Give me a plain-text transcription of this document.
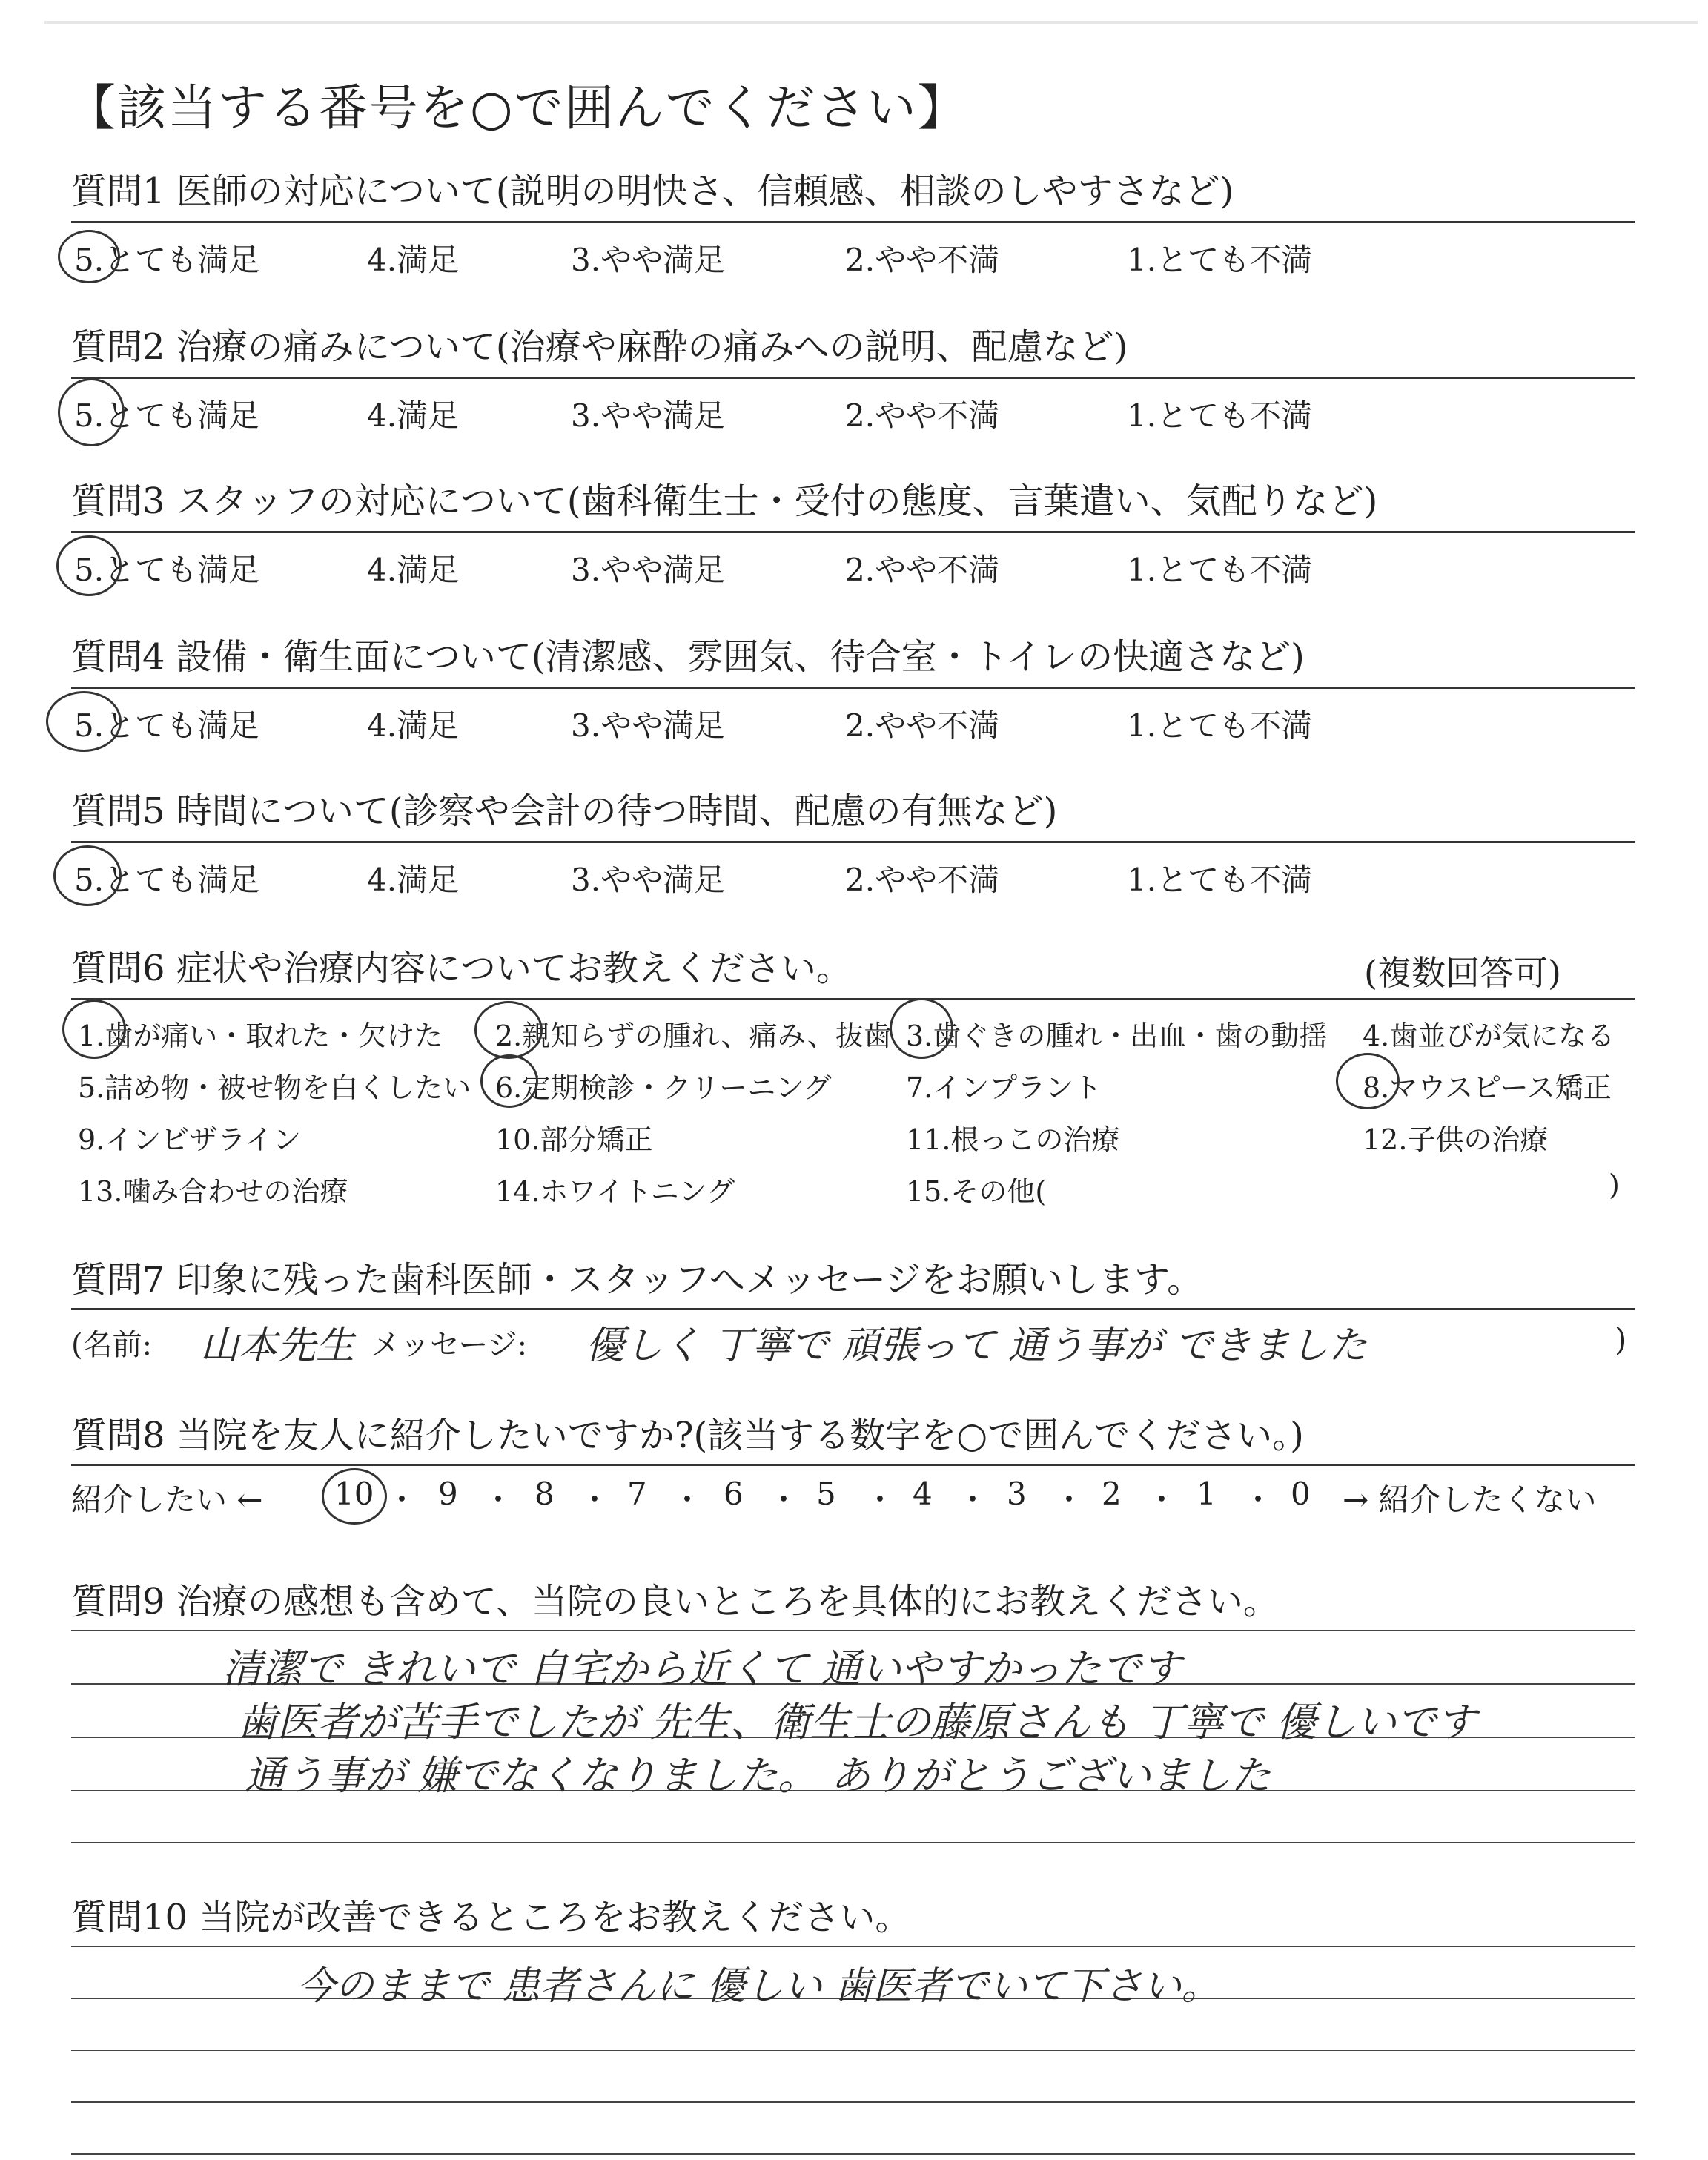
【該当する番号を○で囲んでください】
質問1 医師の対応について(説明の明快さ、信頼感、相談のしやすさなど)
5.とても満足	4.満足	3.やや満足	2.やや不満	1.とても不満
質問2 治療の痛みについて(治療や麻酔の痛みへの説明、配慮など)
5.とても満足	4.満足	3.やや満足	2.やや不満	1.とても不満
質問3 スタッフの対応について(歯科衛生士・受付の態度、言葉遣い、気配りなど)
5.とても満足	4.満足	3.やや満足	2.やや不満	1.とても不満
質問4 設備・衛生面について(清潔感、雰囲気、待合室・トイレの快適さなど)
5.とても満足	4.満足	3.やや満足	2.やや不満	1.とても不満
質問5 時間について(診察や会計の待つ時間、配慮の有無など)
5.とても満足	4.満足	3.やや満足	2.やや不満	1.とても不満
質問6 症状や治療内容についてお教えください。	(複数回答可)
1.歯が痛い・取れた・欠けた 2.親知らずの腫れ、痛み、抜歯 3.歯ぐきの腫れ・出血・歯の動揺 4.歯並びが気になる
5.詰め物・被せ物を白くしたい 6.定期検診・クリーニング	7.インプラント	8.マウスピース矯正
9.インビザライン	10.部分矯正	11.根っこの治療	12.子供の治療
13.噛み合わせの治療	14.ホワイトニング	15.その他(	)
質問7 印象に残った歯科医師・スタッフへメッセージをお願いします。
(名前: 山本先生 メッセージ: 優しく 丁寧で 頑張って 通う事が できました	)
質問8 当院を友人に紹介したいですか?(該当する数字を○で囲んでください。)
紹介したい ← 10 ・ 9 ・ 8 ・ 7 ・ 6 ・ 5 ・ 4 ・ 3 ・ 2 ・ 1 ・ 0 → 紹介したくない
質問9 治療の感想も含めて、当院の良いところを具体的にお教えください。
清潔で きれいで 自宅から近くて 通いやすかったです
歯医者が苦手でしたが 先生、衛生士の藤原さんも 丁寧で 優しいです
通う事が 嫌でなくなりました。 ありがとうございました
質問10 当院が改善できるところをお教えください。
今のままで 患者さんに 優しい 歯医者でいて下さい。
